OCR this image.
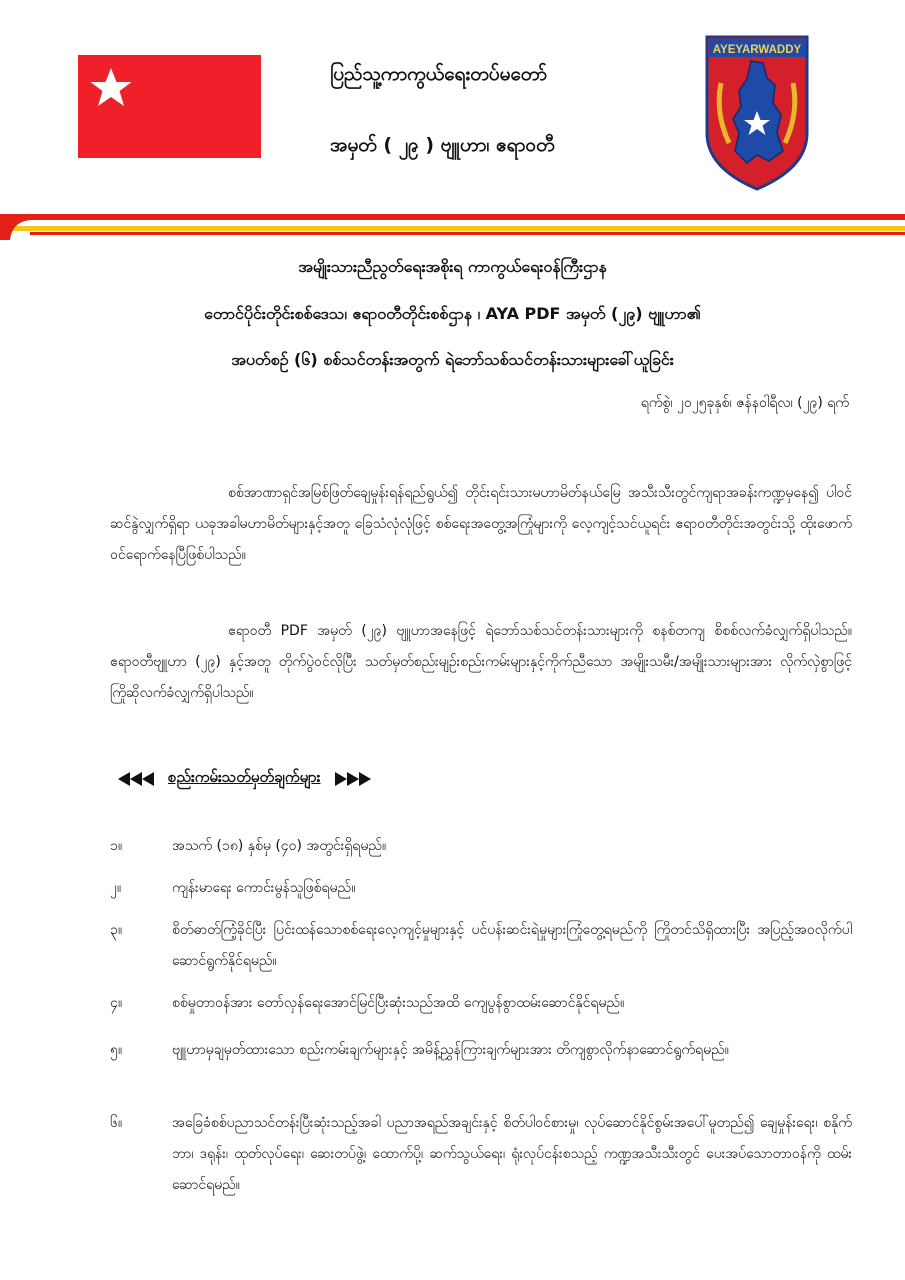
ပြည်သူ့ကာကွယ်ရေးတပ်မတော်
အမှတ် ( ၂၉ ) ဗျူဟာ၊ ဧရာဝတီ
AYEYARWADDY
အမျိုးသားညီညွတ်ရေးအစိုးရ ကာကွယ်ရေးဝန်ကြီးဌာန
တောင်ပိုင်းတိုင်းစစ်ဒေသ၊ ဧရာဝတီတိုင်းစစ်ဌာန ၊ AYA PDF အမှတ် (၂၉) ဗျူဟာ၏
အပတ်စဉ် (၆) စစ်သင်တန်းအတွက် ရဲဘော်သစ်သင်တန်းသားများခေါ်ယူခြင်း
ရက်စွဲ၊ ၂၀၂၅ခုနှစ်၊ ဇန်နဝါရီလ၊ (၂၉) ရက်
စစ်အာဏာရှင်အမြစ်ဖြတ်ချေမှုန်းရန်ရည်ရွယ်၍ တိုင်းရင်းသားမဟာမိတ်နယ်မြေ အသီးသီးတွင်ကျရာအခန်းကဏ္ဍမှနေ၍ ပါဝင်ဆင်နွဲလျှက်ရှိရာ ယခုအခါမဟာမိတ်များနှင့်အတူ ခြေသံလုံလုံဖြင့် စစ်ရေးအတွေ့အကြုံများကို လေ့ကျင့်သင်ယူရင်း ဧရာဝတီတိုင်းအတွင်းသို့ ထိုးဖောက်ဝင်ရောက်နေပြီဖြစ်ပါသည်။
ဧရာဝတီ PDF အမှတ် (၂၉) ဗျူဟာအနေဖြင့် ရဲဘော်သစ်သင်တန်းသားများကို စနစ်တကျ စိစစ်လက်ခံလျှက်ရှိပါသည်။ ဧရာဝတီဗျူဟာ (၂၉) နှင့်အတူ တိုက်ပွဲဝင်လိုပြီး သတ်မှတ်စည်းမျဥ်းစည်းကမ်းများနှင့်ကိုက်ညီသော အမျိုးသမီး/အမျိုးသားများအား လိုက်လှဲစွာဖြင့် ကြိုဆိုလက်ခံလျှက်ရှိပါသည်။
စည်းကမ်းသတ်မှတ်ချက်များ
၁။	အသက် (၁၈) နှစ်မှ (၄၀) အတွင်းရှိရမည်။
၂။	ကျန်းမာရေး ကောင်းမွန်သူဖြစ်ရမည်။
၃။	စိတ်ဓာတ်ကြံ့ခိုင်ပြီး ပြင်းထန်သောစစ်ရေးလေ့ကျင့်မှုများနှင့် ပင်ပန်းဆင်းရဲမှုများကြုံတွေ့ရမည်ကို ကြိုတင်သိရှိထားပြီး အပြည့်အဝလိုက်ပါဆောင်ရွက်နိုင်ရမည်။
၄။	စစ်မှုတာဝန်အား တော်လှန်ရေးအောင်မြင်ပြီးဆုံးသည်အထိ ကျေပွန်စွာထမ်းဆောင်နိုင်ရမည်။
၅။	ဗျူဟာမှချမှတ်ထားသော စည်းကမ်းချက်များနှင့် အမိန့်ညွှန်ကြားချက်များအား တိကျစွာလိုက်နာဆောင်ရွက်ရမည်။
၆။	အခြေခံစစ်ပညာသင်တန်းပြီးဆုံးသည့်အခါ ပညာအရည်အချင်းနှင့် စိတ်ပါဝင်စားမှု၊ လုပ်ဆောင်နိုင်စွမ်းအပေါ်မူတည်၍ ချေမှုန်းရေး၊ စနိုက်ဘာ၊ ဒရုန်း၊ ထုတ်လုပ်ရေး၊ ဆေးတပ်ဖွဲ့၊ ထောက်ပို့၊ ဆက်သွယ်ရေး၊ ရုံးလုပ်ငန်းစသည့် ကဏ္ဍအသီးသီးတွင် ပေးအပ်သောတာဝန်ကို ထမ်းဆောင်ရမည်။
